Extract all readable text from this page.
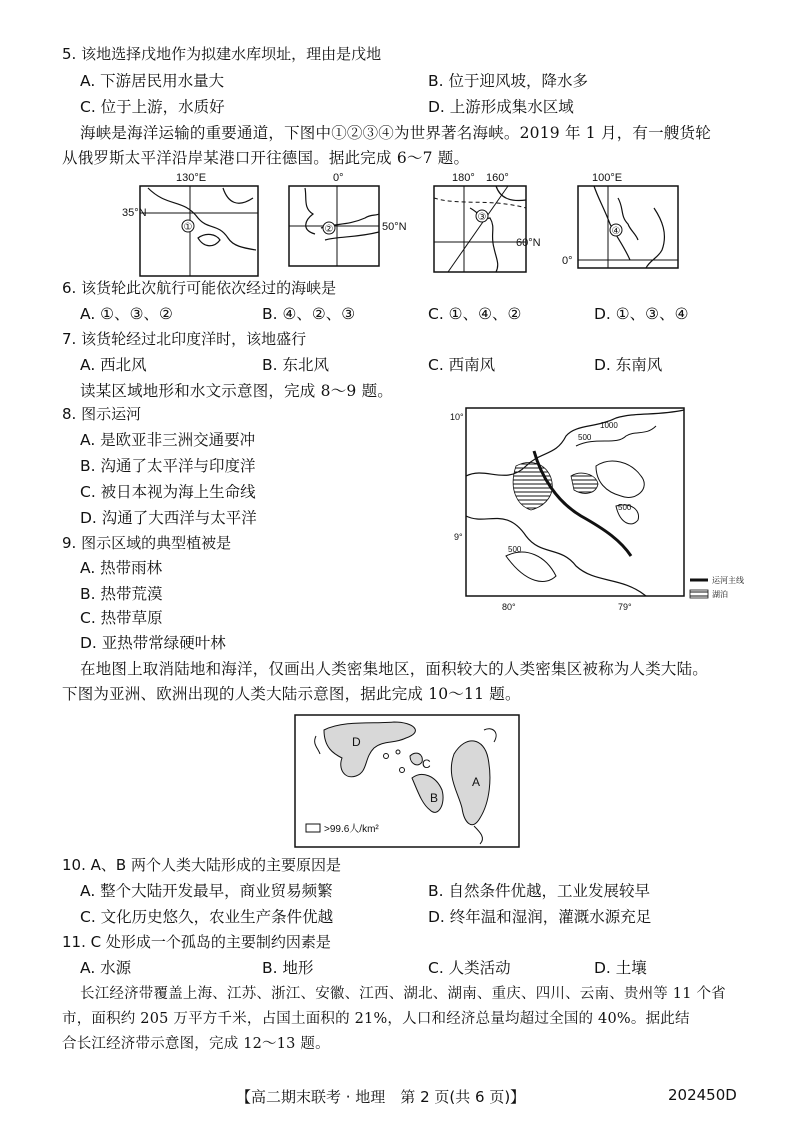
5. 该地选择戊地作为拟建水库坝址，理由是戊地
A. 下游居民用水量大	B. 位于迎风坡，降水多
C. 位于上游，水质好	D. 上游形成集水区域
海峡是海洋运输的重要通道，下图中①②③④为世界著名海峡。2019 年 1 月，有一艘货轮
从俄罗斯太平洋沿岸某港口开往德国。据此完成 6～7 题。
①
130°E
35°N
②
0°
50°N
③
180° 160°
60°N
④
100°E
0°
6. 该货轮此次航行可能依次经过的海峡是
A. ①、③、②	B. ④、②、③	C. ①、④、②	D. ①、③、④
7. 该货轮经过北印度洋时，该地盛行
A. 西北风	B. 东北风	C. 西南风	D. 东南风
读某区域地形和水文示意图，完成 8～9 题。
8. 图示运河
A. 是欧亚非三洲交通要冲
B. 沟通了太平洋与印度洋
C. 被日本视为海上生命线
D. 沟通了大西洋与太平洋
9. 图示区域的典型植被是
A. 热带雨林
B. 热带荒漠
C. 热带草原
D. 亚热带常绿硬叶林
10°
9°
80°	79°
500
1000
500
500
运河主线
湖泊
在地图上取消陆地和海洋，仅画出人类密集地区，面积较大的人类密集区被称为人类大陆。
下图为亚洲、欧洲出现的人类大陆示意图，据此完成 10～11 题。
D
C
B
A
>99.6人/km²
10. A、B 两个人类大陆形成的主要原因是
A. 整个大陆开发最早，商业贸易频繁	B. 自然条件优越，工业发展较早
C. 文化历史悠久，农业生产条件优越	D. 终年温和湿润，灌溉水源充足
11. C 处形成一个孤岛的主要制约因素是
A. 水源	B. 地形	C. 人类活动	D. 土壤
长江经济带覆盖上海、江苏、浙江、安徽、江西、湖北、湖南、重庆、四川、云南、贵州等 11 个省
市，面积约 205 万平方千米，占国土面积的 21%，人口和经济总量均超过全国的 40%。据此结
合长江经济带示意图，完成 12～13 题。
【高二期末联考 · 地理　第 2 页(共 6 页)】	202450D
